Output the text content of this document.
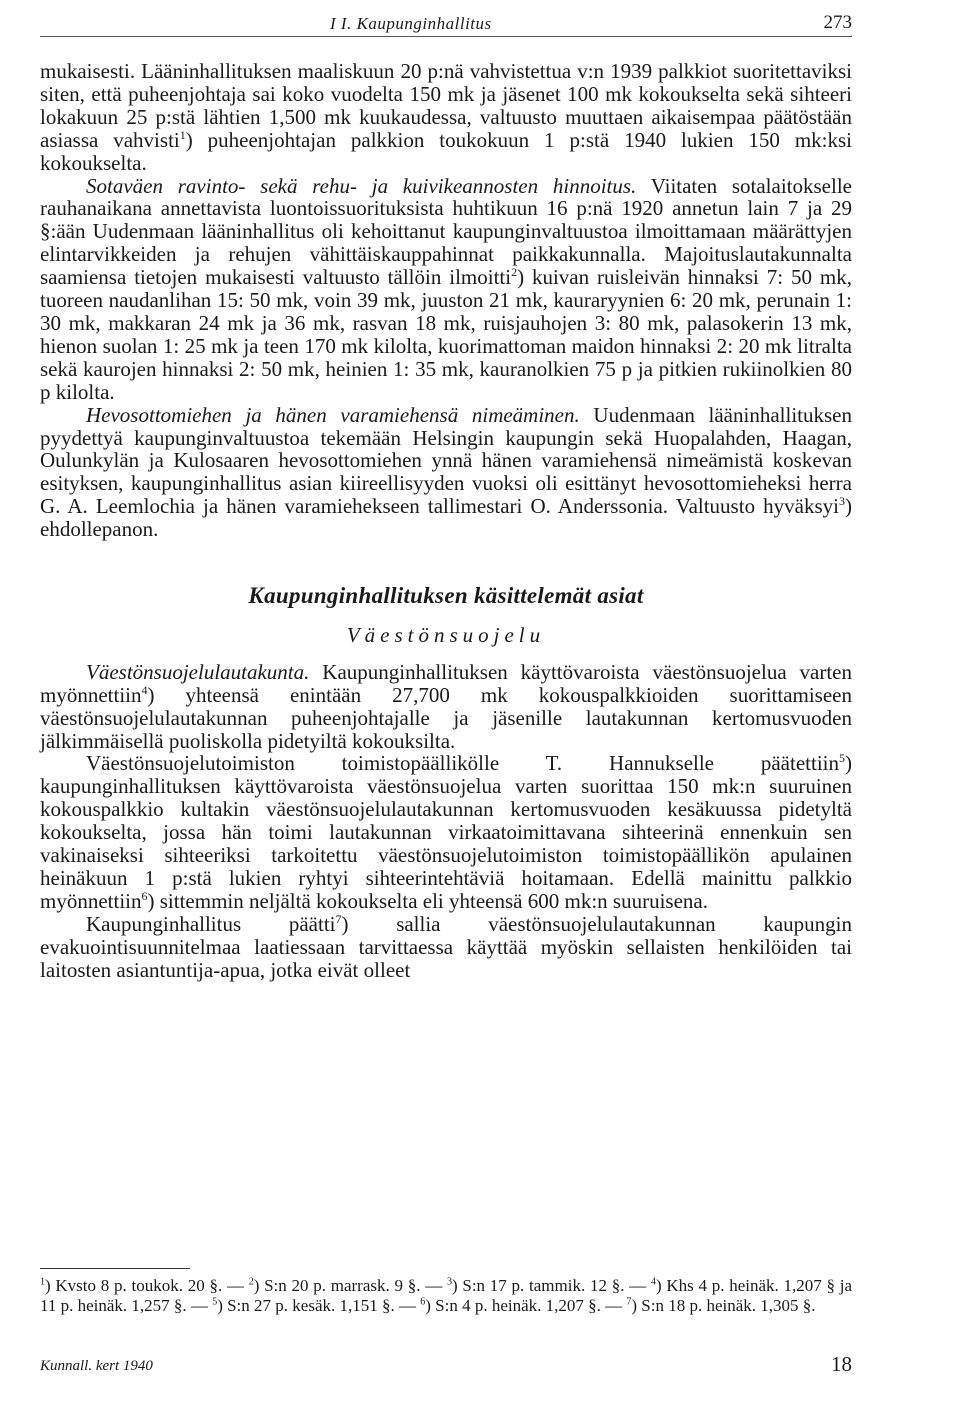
I I. Kaupunginhallitus	273

mukaisesti. Lääninhallituksen maaliskuun 20 p:nä vahvistettua v:n 1939 palkkiot suoritettaviksi siten, että puheenjohtaja sai koko vuodelta 150 mk ja jäsenet 100 mk kokoukselta sekä sihteeri lokakuun 25 p:stä lähtien 1,500 mk kuukaudessa, valtuusto muuttaen aikaisempaa päätöstään asiassa vahvisti$^1$) puheenjohtajan palkkion toukokuun 1 p:stä 1940 lukien 150 mk:ksi kokoukselta.

Sotaväen ravinto- sekä rehu- ja kuivikeannosten hinnoitus. Viitaten sotalaitokselle rauhanaikana annettavista luontoissuorituksista huhtikuun 16 p:nä 1920 annetun lain 7 ja 29 §:ään Uudenmaan lääninhallitus oli kehoittanut kaupunginvaltuustoa ilmoittamaan määrättyjen elintarvikkeiden ja rehujen vähittäiskauppahinnat paikkakunnalla. Majoituslautakunnalta saamiensa tietojen mukaisesti valtuusto tällöin ilmoitti$^2$) kuivan ruisleivän hinnaksi 7: 50 mk, tuoreen naudanlihan 15: 50 mk, voin 39 mk, juuston 21 mk, kauraryynien 6: 20 mk, perunain 1: 30 mk, makkaran 24 mk ja 36 mk, rasvan 18 mk, ruisjauhojen 3: 80 mk, palasokerin 13 mk, hienon suolan 1: 25 mk ja teen 170 mk kilolta, kuorimattoman maidon hinnaksi 2: 20 mk litralta sekä kaurojen hinnaksi 2: 50 mk, heinien 1: 35 mk, kauranolkien 75 p ja pitkien rukiinolkien 80 p kilolta.

Hevosottomiehen ja hänen varamiehensä nimeäminen. Uudenmaan lääninhallituksen pyydettyä kaupunginvaltuustoa tekemään Helsingin kaupungin sekä Huopalahden, Haagan, Oulunkylän ja Kulosaaren hevosottomiehen ynnä hänen varamiehensä nimeämistä koskevan esityksen, kaupunginhallitus asian kiireellisyyden vuoksi oli esittänyt hevosottomieheksi herra G. A. Leemlochia ja hänen varamiehekseen tallimestari O. Anderssonia. Valtuusto hyväksyi$^3$) ehdollepanon.

Kaupunginhallituksen käsittelemät asiat
Väestönsuojelu

Väestönsuojelulautakunta. Kaupunginhallituksen käyttövaroista väestönsuojelua varten myönnettiin$^4$) yhteensä enintään 27,700 mk kokouspalkkioiden suorittamiseen väestönsuojelulautakunnan puheenjohtajalle ja jäsenille lautakunnan kertomusvuoden jälkimmäisellä puoliskolla pidetyiltä kokouksilta.

Väestönsuojelutoimiston toimistopäällikölle T. Hannukselle päätettiin$^5$) kaupunginhallituksen käyttövaroista väestönsuojelua varten suorittaa 150 mk:n suuruinen kokouspalkkio kultakin väestönsuojelulautakunnan kertomusvuoden kesäkuussa pidetyltä kokoukselta, jossa hän toimi lautakunnan virkaatoimittavana sihteerinä ennenkuin sen vakinaiseksi sihteeriksi tarkoitettu väestönsuojelutoimiston toimistopäällikön apulainen heinäkuun 1 p:stä lukien ryhtyi sihteerintehtäviä hoitamaan. Edellä mainittu palkkio myönnettiin$^6$) sittemmin neljältä kokoukselta eli yhteensä 600 mk:n suuruisena.

Kaupunginhallitus päätti$^7$) sallia väestönsuojelulautakunnan kaupungin evakuointisuunnitelmaa laatiessaan tarvittaessa käyttää myöskin sellaisten henkilöiden tai laitosten asiantuntija-apua, jotka eivät olleet

$^1$) Kvsto 8 p. toukok. 20 §. — $^2$) S:n 20 p. marrask. 9 §. — $^3$) S:n 17 p. tammik. 12 §. — $^4$) Khs 4 p. heinäk. 1,207 § ja 11 p. heinäk. 1,257 §. — $^5$) S:n 27 p. kesäk. 1,151 §. — $^6$) S:n 4 p. heinäk. 1,207 §. — $^7$) S:n 18 p. heinäk. 1,305 §.
Kunnall. kert 1940	18
